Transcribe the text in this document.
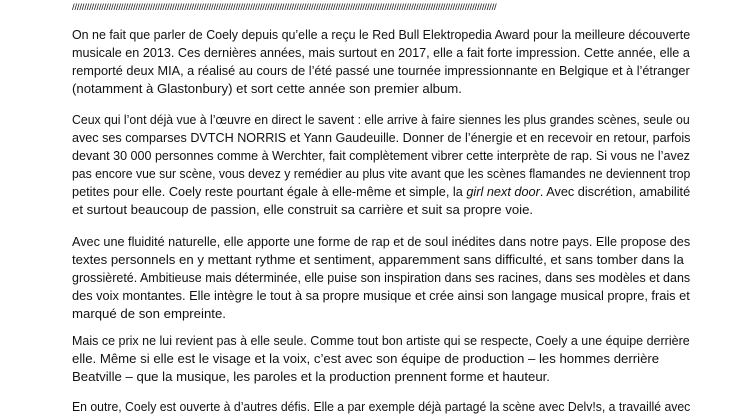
//////////////////////////////////////////////////////////////////////////////////////////////////////////////////////////////////////////////////////////////////////////////

On ne fait que parler de Coely depuis qu’elle a reçu le Red Bull Elektropedia Award pour la meilleure découverte
musicale en 2013. Ces dernières années, mais surtout en 2017, elle a fait forte impression. Cette année, elle a
remporté deux MIA, a réalisé au cours de l’été passé une tournée impressionnante en Belgique et à l’étranger
(notamment à Glastonbury) et sort cette année son premier album.

Ceux qui l’ont déjà vue à l’œuvre en direct le savent : elle arrive à faire siennes les plus grandes scènes, seule ou
avec ses comparses DVTCH NORRIS et Yann Gaudeuille. Donner de l’énergie et en recevoir en retour, parfois
devant 30 000 personnes comme à Werchter, fait complètement vibrer cette interprète de rap. Si vous ne l’avez
pas encore vue sur scène, vous devez y remédier au plus vite avant que les scènes flamandes ne deviennent trop
petites pour elle. Coely reste pourtant égale à elle-même et simple, la girl next door. Avec discrétion, amabilité
et surtout beaucoup de passion, elle construit sa carrière et suit sa propre voie.

Avec une fluidité naturelle, elle apporte une forme de rap et de soul inédites dans notre pays. Elle propose des
textes personnels en y mettant rythme et sentiment, apparemment sans difficulté, et sans tomber dans la
grossièreté. Ambitieuse mais déterminée, elle puise son inspiration dans ses racines, dans ses modèles et dans
des voix montantes. Elle intègre le tout à sa propre musique et crée ainsi son langage musical propre, frais et
marqué de son empreinte.

Mais ce prix ne lui revient pas à elle seule. Comme tout bon artiste qui se respecte, Coely a une équipe derrière
elle. Même si elle est le visage et la voix, c’est avec son équipe de production – les hommes derrière
Beatville – que la musique, les paroles et la production prennent forme et hauteur.

En outre, Coely est ouverte à d’autres défis. Elle a par exemple déjà partagé la scène avec Delv!s, a travaillé avec
